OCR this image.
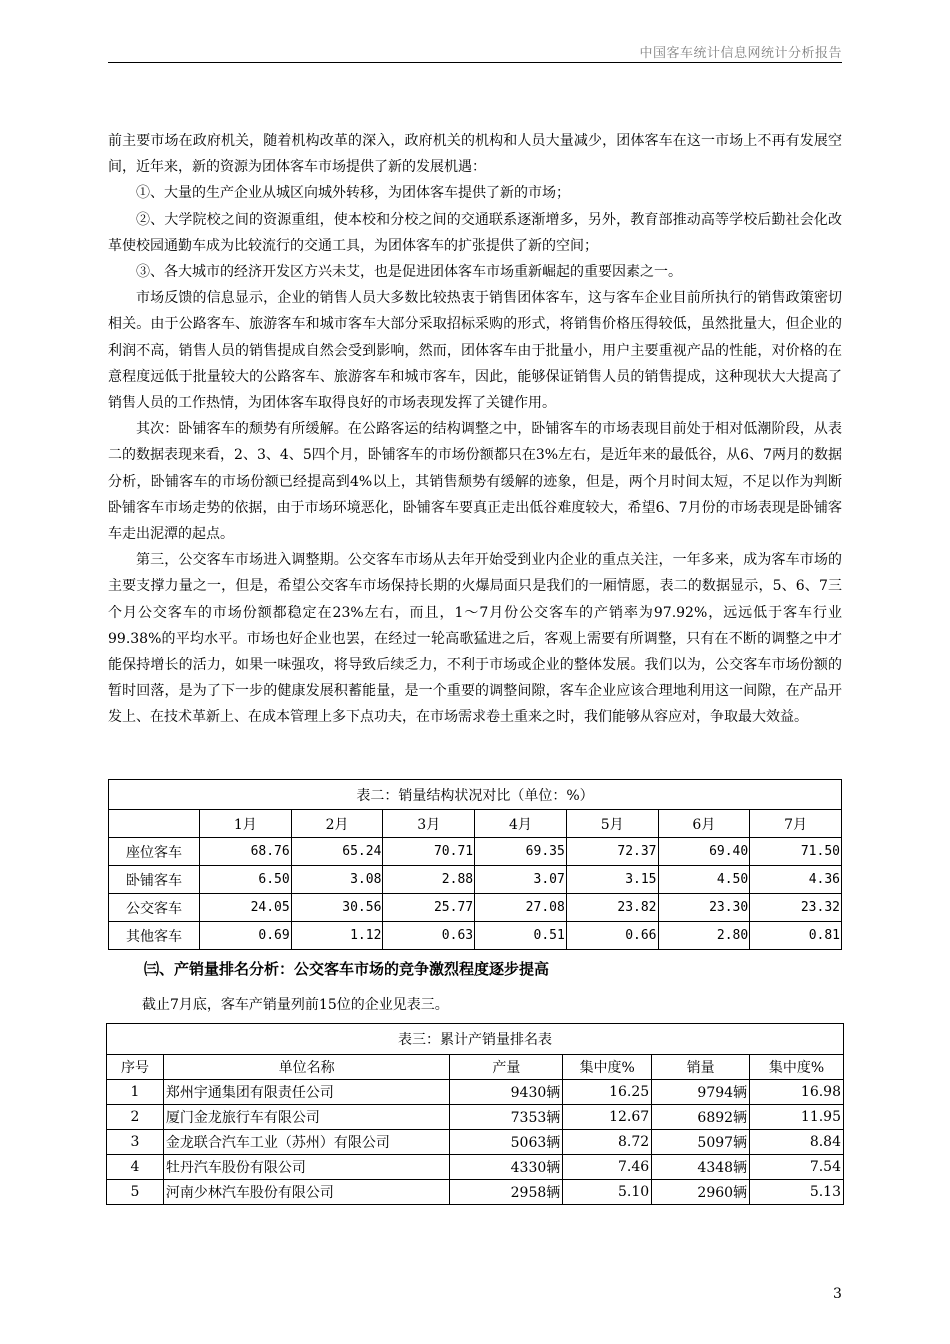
中国客车统计信息网统计分析报告

前主要市场在政府机关，随着机构改革的深入，政府机关的机构和人员大量减少，团体客车在这一市场上不再有发展空间，近年来，新的资源为团体客车市场提供了新的发展机遇：

①、大量的生产企业从城区向城外转移，为团体客车提供了新的市场；

②、大学院校之间的资源重组，使本校和分校之间的交通联系逐渐增多，另外，教育部推动高等学校后勤社会化改革使校园通勤车成为比较流行的交通工具，为团体客车的扩张提供了新的空间；

③、各大城市的经济开发区方兴未艾，也是促进团体客车市场重新崛起的重要因素之一。

市场反馈的信息显示，企业的销售人员大多数比较热衷于销售团体客车，这与客车企业目前所执行的销售政策密切相关。由于公路客车、旅游客车和城市客车大部分采取招标采购的形式，将销售价格压得较低，虽然批量大，但企业的利润不高，销售人员的销售提成自然会受到影响，然而，团体客车由于批量小，用户主要重视产品的性能，对价格的在意程度远低于批量较大的公路客车、旅游客车和城市客车，因此，能够保证销售人员的销售提成，这种现状大大提高了销售人员的工作热情，为团体客车取得良好的市场表现发挥了关键作用。

其次：卧铺客车的颓势有所缓解。在公路客运的结构调整之中，卧铺客车的市场表现目前处于相对低潮阶段，从表二的数据表现来看，2、3、4、5四个月，卧铺客车的市场份额都只在3%左右，是近年来的最低谷，从6、7两月的数据分析，卧铺客车的市场份额已经提高到4%以上，其销售颓势有缓解的迹象，但是，两个月时间太短，不足以作为判断卧铺客车市场走势的依据，由于市场环境恶化，卧铺客车要真正走出低谷难度较大，希望6、7月份的市场表现是卧铺客车走出泥潭的起点。

第三，公交客车市场进入调整期。公交客车市场从去年开始受到业内企业的重点关注，一年多来，成为客车市场的主要支撑力量之一，但是，希望公交客车市场保持长期的火爆局面只是我们的一厢情愿，表二的数据显示，5、6、7三个月公交客车的市场份额都稳定在23%左右，而且，1～7月份公交客车的产销率为97.92%，远远低于客车行业99.38%的平均水平。市场也好企业也罢，在经过一轮高歌猛进之后，客观上需要有所调整，只有在不断的调整之中才能保持增长的活力，如果一味强攻，将导致后续乏力，不利于市场或企业的整体发展。我们以为，公交客车市场份额的暂时回落，是为了下一步的健康发展积蓄能量，是一个重要的调整间隙，客车企业应该合理地利用这一间隙，在产品开发上、在技术革新上、在成本管理上多下点功夫，在市场需求卷土重来之时，我们能够从容应对，争取最大效益。

表二：销量结构状况对比（单位：%）							
	1月	2月	3月	4月	5月	6月	7月
座位客车	68.76	65.24	70.71	69.35	72.37	69.40	71.50
卧铺客车	6.50	3.08	2.88	3.07	3.15	4.50	4.36
公交客车	24.05	30.56	25.77	27.08	23.82	23.30	23.32
其他客车	0.69	1.12	0.63	0.51	0.66	2.80	0.81
㈢、产销量排名分析：公交客车市场的竞争激烈程度逐步提高
截止7月底，客车产销量列前15位的企业见表三。
表三：累计产销量排名表					
序号	单位名称	产量	集中度%	销量	集中度%
1	郑州宇通集团有限责任公司	9430辆	16.25	9794辆	16.98
2	厦门金龙旅行车有限公司	7353辆	12.67	6892辆	11.95
3	金龙联合汽车工业（苏州）有限公司	5063辆	8.72	5097辆	8.84
4	牡丹汽车股份有限公司	4330辆	7.46	4348辆	7.54
5	河南少林汽车股份有限公司	2958辆	5.10	2960辆	5.13
3
